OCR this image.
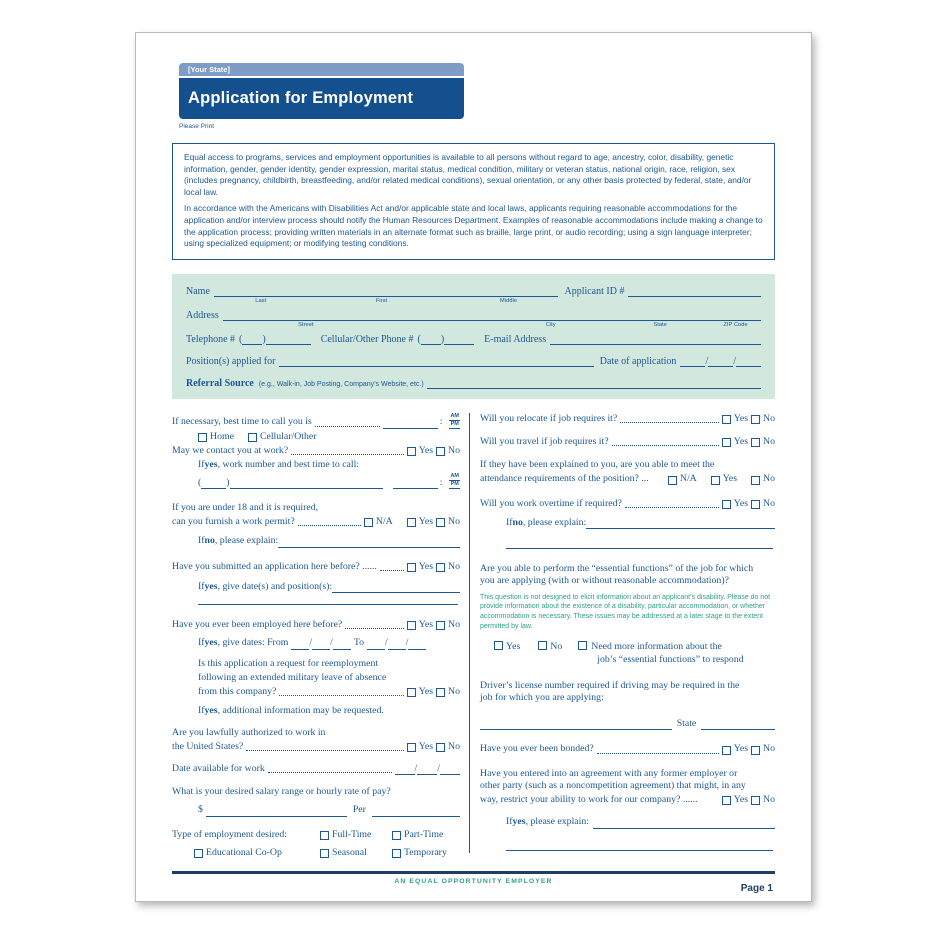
[Your State]
Application for Employment
Please Print

Equal access to programs, services and employment opportunities is available to all persons without regard to age, ancestry, color, disability, genetic information, gender, gender identity, gender expression, marital status, medical condition, military or veteran status, national origin, race, religion, sex (includes pregnancy, childbirth, breastfeeding, and/or related medical conditions), sexual orientation, or any other basis protected by federal, state, and/or local law.

In accordance with the Americans with Disabilities Act and/or applicable state and local laws, applicants requiring reasonable accommodations for the application and/or interview process should notify the Human Resources Department. Examples of reasonable accommodations include making a change to the application process; providing written materials in an alternate format such as braille, large print, or audio recording; using a sign language interpreter; using specialized equipment; or modifying testing conditions.

Name
Last	First	Middle
Applicant ID #
Address
Street	City	State	ZIP Code
Telephone # ( )	Cellular/Other Phone # ( )	E-mail Address
Position(s) applied for	Date of application	/	/
Referral Source (e.g., Walk-in, Job Posting, Company’s Website, etc.)
If necessary, best time to call you is	:
AM
PM
Home	Cellular/Other
May we contact you at work?	Yes No
If yes , work number and best time to call:
(	)	:
AM
PM
If you are under 18 and it is required,
can you furnish a work permit?	N/A	Yes No
If no , please explain:
Have you submitted an application here before? ......	Yes No
If yes , give date(s) and position(s):
Have you ever been employed here before?	Yes No
If yes , give dates: From / /	To	/ /
Is this application a request for reemployment
following an extended military leave of absence
from this company?	Yes No
If yes , additional information may be requested.
Are you lawfully authorized to work in
the United States?	Yes No
Date available for work	/ /
What is your desired salary range or hourly rate of pay?
$	Per
Type of employment desired:	Full-Time	Part-Time
Educational Co-Op	Seasonal	Temporary
Will you relocate if job requires it?	Yes No
Will you travel if job requires it?	Yes No
If they have been explained to you, are you able to meet the
attendance requirements of the position? ...	N/A	Yes	No
Will you work overtime if required?	Yes No
If no , please explain:
Are you able to perform the “essential functions” of the job for which
you are applying (with or without reasonable accommodation)?
This question is not designed to elicit information about an applicant’s disability. Please do not provide information about the existence of a disability, particular accommodation, or whether accommodation is necessary. These issues may be addressed at a later stage to the extent permitted by law.
Yes	No	Need more information about the
job’s “essential functions” to respond
Driver’s license number required if driving may be required in the
job for which you are applying:
State
Have you ever been bonded?	Yes No
Have you entered into an agreement with any former employer or
other party (such as a noncompetition agreement) that might, in any
way, restrict your ability to work for our company? ......	Yes No
If yes , please explain:
AN EQUAL OPPORTUNITY EMPLOYER
Page 1
